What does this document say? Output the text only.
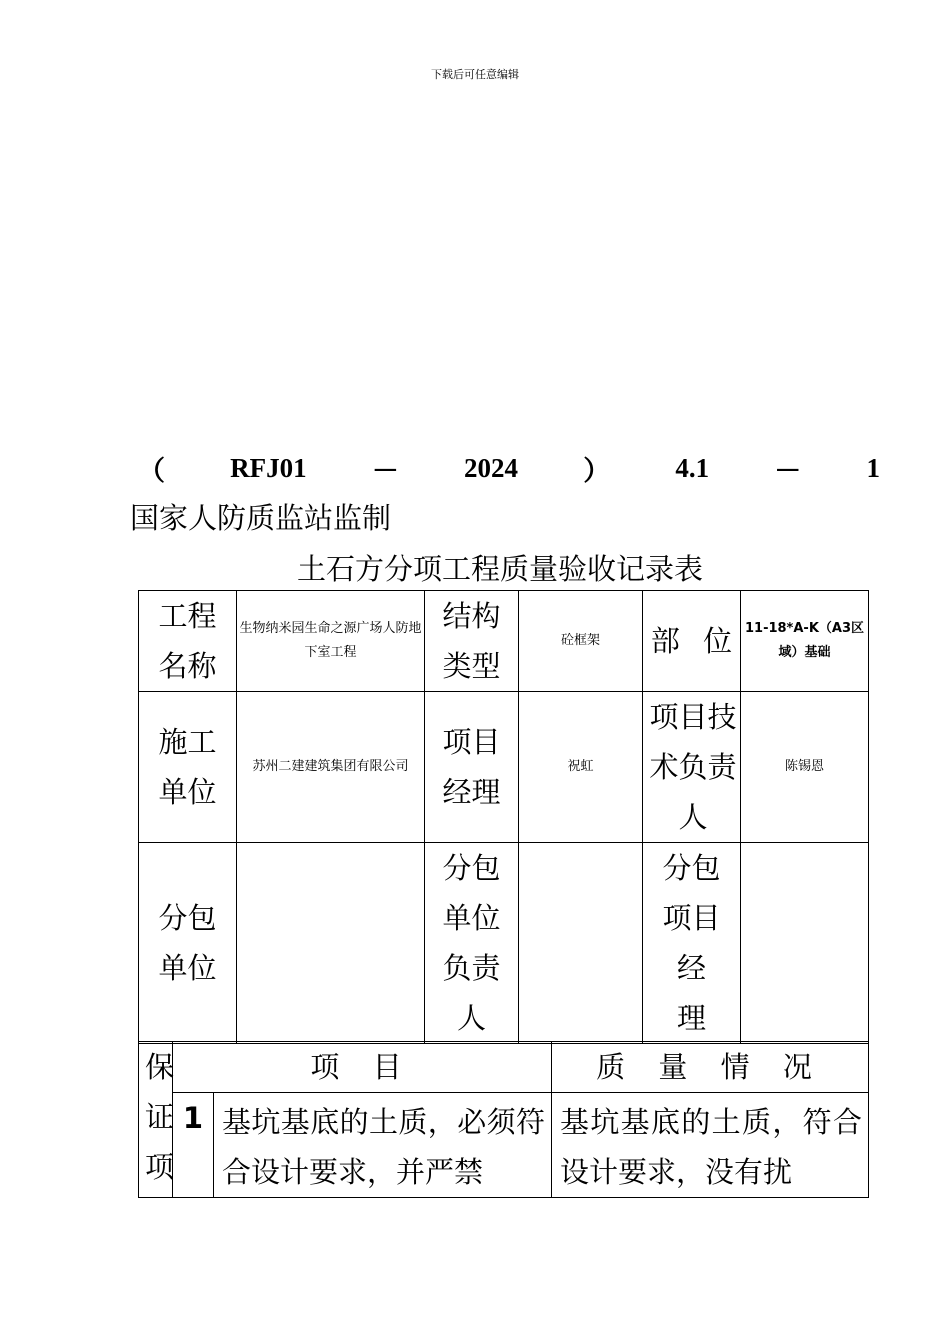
下载后可任意编辑
（ RFJ01 － 2024 ） 4.1 － 1
国家人防质监站监制
土石方分项工程质量验收记录表
工程名称	生物纳米园生命之源广场人防地下室工程	结构类型	砼框架	部 位	11-18*A-K（A3区域）基础

施工单位	苏州二建建筑集团有限公司	项目经理	祝虹	项目技术负责人	陈锡恩

分包单位		分包单位负责人		分包项目经 理	

保证项	项 目		质 量 情 况
	1	基坑基底的土质，必须符合设计要求，并严禁	基坑基底的土质，符合设计要求，没有扰
